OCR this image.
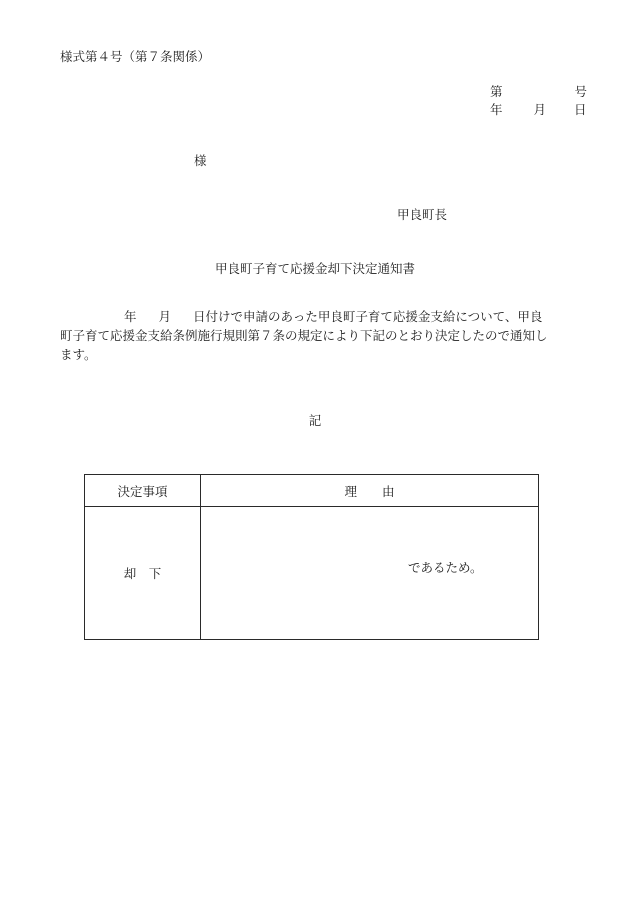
様式第４号（第７条関係）
第	号
年 月 日
様
甲良町長
甲良町子育て応援金却下決定通知書
年 月 日付けで申請のあった甲良町子育て応援金支給について、甲良
町子育て応援金支給条例施行規則第７条の規定により下記のとおり決定したので通知し
ます。
記
決定事項	理　　由
却　下	であるため。
